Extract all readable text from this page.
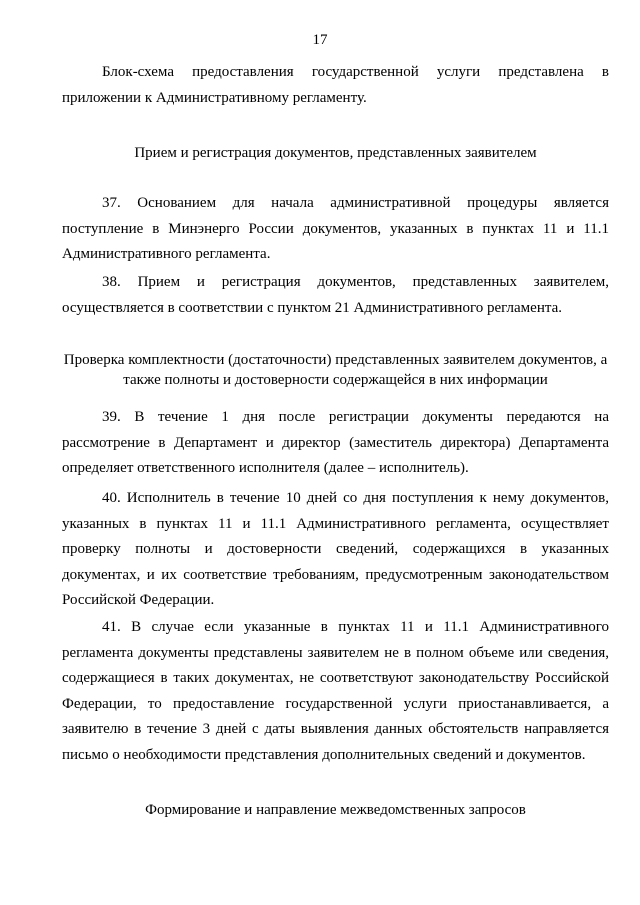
17

Блок-схема предоставления государственной услуги представлена в приложении к Административному регламенту.

Прием и регистрация документов, представленных заявителем

37. Основанием для начала административной процедуры является поступление в Минэнерго России документов, указанных в пунктах 11 и 11.1 Административного регламента.

38. Прием и регистрация документов, представленных заявителем, осуществляется в соответствии с пунктом 21 Административного регламента.

Проверка комплектности (достаточности) представленных заявителем документов, а также полноты и достоверности содержащейся в них информации

39. В течение 1 дня после регистрации документы передаются на рассмотрение в Департамент и директор (заместитель директора) Департамента определяет ответственного исполнителя (далее – исполнитель).

40. Исполнитель в течение 10 дней со дня поступления к нему документов, указанных в пунктах 11 и 11.1 Административного регламента, осуществляет проверку полноты и достоверности сведений, содержащихся в указанных документах, и их соответствие требованиям, предусмотренным законодательством Российской Федерации.

41. В случае если указанные в пунктах 11 и 11.1 Административного регламента документы представлены заявителем не в полном объеме или сведения, содержащиеся в таких документах, не соответствуют законодательству Российской Федерации, то предоставление государственной услуги приостанавливается, а заявителю в течение 3 дней с даты выявления данных обстоятельств направляется письмо о необходимости представления дополнительных сведений и документов.

Формирование и направление межведомственных запросов
